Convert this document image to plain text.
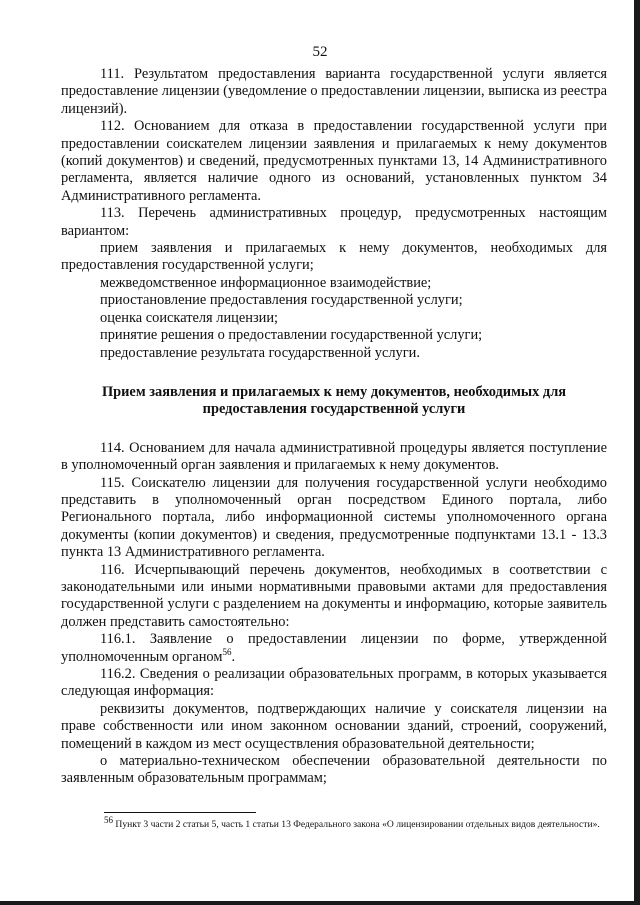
52

111. Результатом предоставления варианта государственной услуги является предоставление лицензии (уведомление о предоставлении лицензии, выписка из реестра лицензий).

112. Основанием для отказа в предоставлении государственной услуги при предоставлении соискателем лицензии заявления и прилагаемых к нему документов (копий документов) и сведений, предусмотренных пунктами 13, 14 Административного регламента, является наличие одного из оснований, установленных пунктом 34 Административного регламента.

113. Перечень административных процедур, предусмотренных настоящим вариантом:

прием заявления и прилагаемых к нему документов, необходимых для предоставления государственной услуги;

межведомственное информационное взаимодействие;

приостановление предоставления государственной услуги;

оценка соискателя лицензии;

принятие решения о предоставлении государственной услуги;

предоставление результата государственной услуги.

Прием заявления и прилагаемых к нему документов, необходимых для
предоставления государственной услуги

114. Основанием для начала административной процедуры является поступление в уполномоченный орган заявления и прилагаемых к нему документов.

115. Соискателю лицензии для получения государственной услуги необходимо представить в уполномоченный орган посредством Единого портала, либо Регионального портала, либо информационной системы уполномоченного органа документы (копии документов) и сведения, предусмотренные подпунктами 13.1 - 13.3 пункта 13 Административного регламента.

116. Исчерпывающий перечень документов, необходимых в соответствии с законодательными или иными нормативными правовыми актами для предоставления государственной услуги с разделением на документы и информацию, которые заявитель должен представить самостоятельно:

116.1. Заявление о предоставлении лицензии по форме, утвержденной уполномоченным органом$^{56}$.

116.2. Сведения о реализации образовательных программ, в которых указывается следующая информация:

реквизиты документов, подтверждающих наличие у соискателя лицензии на праве собственности или ином законном основании зданий, строений, сооружений, помещений в каждом из мест осуществления образовательной деятельности;

о материально-техническом обеспечении образовательной деятельности по заявленным образовательным программам;

$^{56}$ Пункт 3 части 2 статьи 5, часть 1 статьи 13 Федерального закона «О лицензировании отдельных видов деятельности».
